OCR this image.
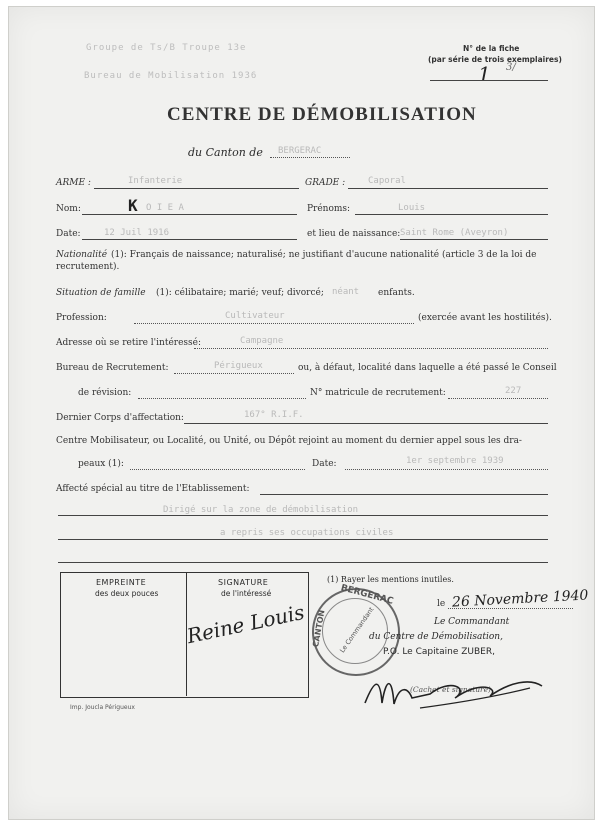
Groupe de Ts/B Troupe 13e
Bureau de Mobilisation 1936
N° de la fiche
(par série de trois exemplaires)
1 3/
CENTRE DE DÉMOBILISATION
du Canton de BERGERAC
ARME :	Infanterie	GRADE :	Caporal
Nom:	K O I E A	Prénoms:	Louis
Date:	12 Juil 1916	et lieu de naissance: Saint Rome (Aveyron)
Nationalité (1): Français de naissance; naturalisé; ne justifiant d'aucune nationalité (article 3 de la loi de
recrutement).
Situation de famille (1): célibataire; marié; veuf; divorcé; néant enfants.
Profession:	Cultivateur	(exercée avant les hostilités).
Adresse où se retire l'intéressé:	Campagne
Bureau de Recrutement:	Périgueux	ou, à défaut, localité dans laquelle a été passé le Conseil
de révision:	N° matricule de recrutement:	227
Dernier Corps d'affectation:	167° R.I.F.
Centre Mobilisateur, ou Localité, ou Unité, ou Dépôt rejoint au moment du dernier appel sous les dra-
peaux (1):	Date:	1er septembre 1939
Affecté spécial au titre de l'Etablissement:
Dirigé sur la zone de démobilisation
a repris ses occupations civiles
EMPREINTE
des deux pouces
SIGNATURE
de l'intéressé
Reine Louis
(1) Rayer les mentions inutiles.
le 26 Novembre 1940
BERGERAC
CANTON Le Commandant	Le Commandant
du Centre de Démobilisation,
P.O. Le Capitaine ZUBER,
(Cachet et signature)
Imp. Joucla Périgueux
